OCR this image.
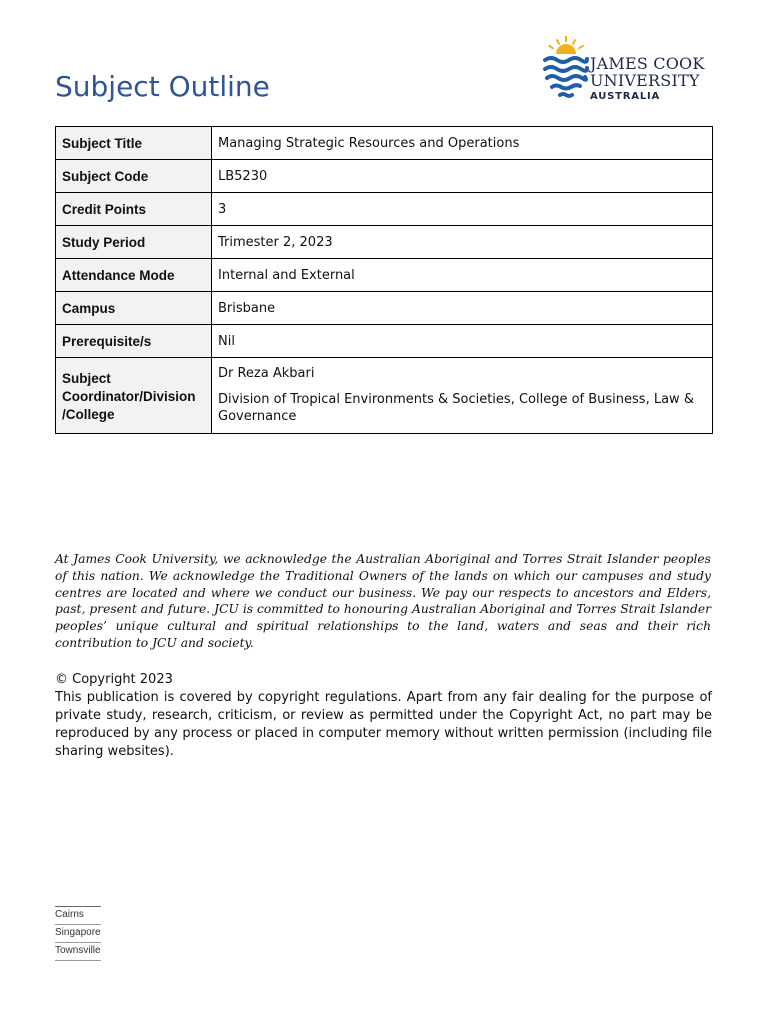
Subject Outline
JAMES COOK
UNIVERSITY
AUSTRALIA
Subject Title	Managing Strategic Resources and Operations
Subject Code	LB5230
Credit Points	3
Study Period	Trimester 2, 2023
Attendance Mode	Internal and External
Campus	Brisbane
Prerequisite/s	Nil
Subject Coordinator/Division /College	Dr Reza Akbari
Division of Tropical Environments & Societies, College of Business, Law & Governance

At James Cook University, we acknowledge the Australian Aboriginal and Torres Strait Islander peoples of this nation. We acknowledge the Traditional Owners of the lands on which our campuses and study centres are located and where we conduct our business. We pay our respects to ancestors and Elders, past, present and future. JCU is committed to honouring Australian Aboriginal and Torres Strait Islander peoples’ unique cultural and spiritual relationships to the land, waters and seas and their rich contribution to JCU and society.

© Copyright 2023
This publication is covered by copyright regulations. Apart from any fair dealing for the purpose of private study, research, criticism, or review as permitted under the Copyright Act, no part may be reproduced by any process or placed in computer memory without written permission (including file sharing websites).
Cairns
Singapore
Townsville
